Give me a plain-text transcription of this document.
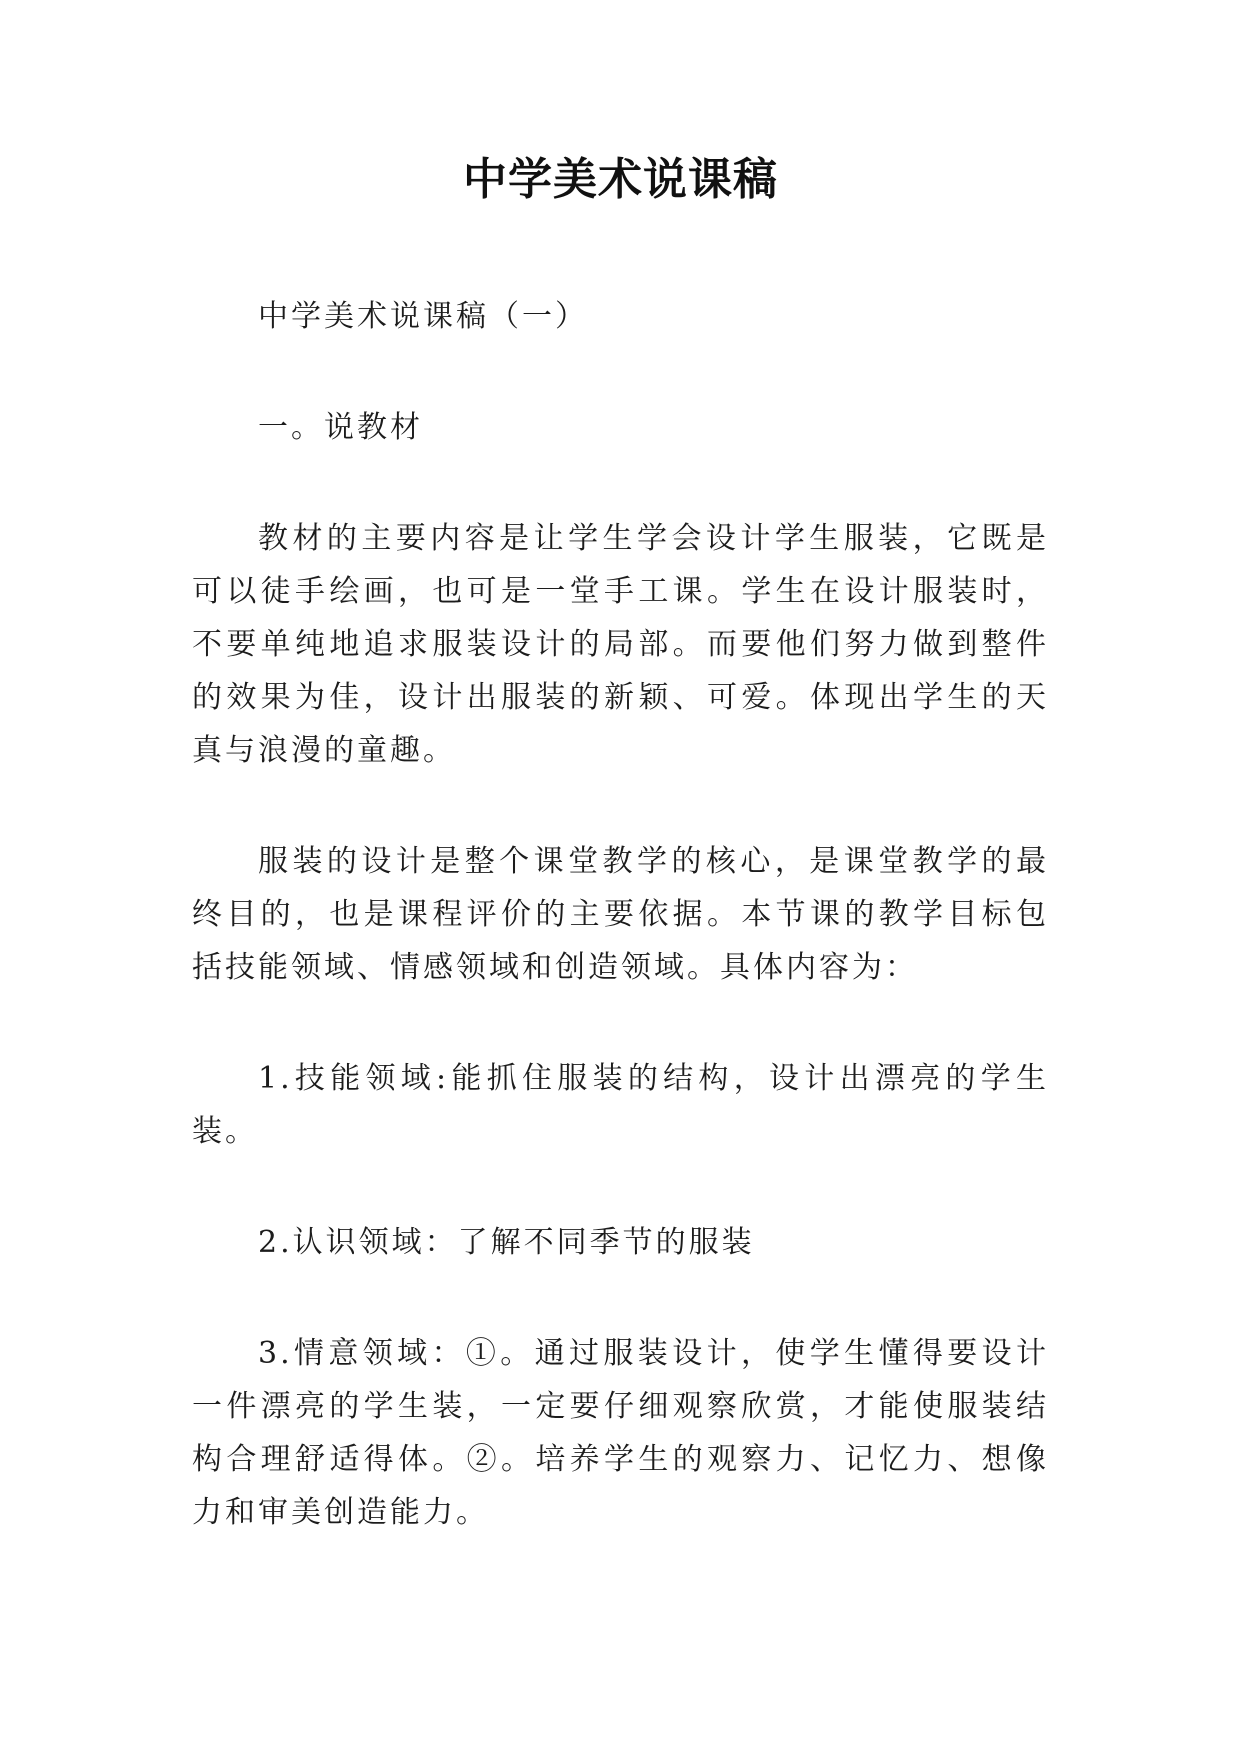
中学美术说课稿

中学美术说课稿（一）

一。说教材

教材的主要内容是让学生学会设计学生服装，它既是可以徒手绘画，也可是一堂手工课。学生在设计服装时，不要单纯地追求服装设计的局部。而要他们努力做到整件的效果为佳，设计出服装的新颖、可爱。体现出学生的天真与浪漫的童趣。

服装的设计是整个课堂教学的核心，是课堂教学的最终目的，也是课程评价的主要依据。本节课的教学目标包括技能领域、情感领域和创造领域。具体内容为：

1.技能领域:能抓住服装的结构，设计出漂亮的学生装。

2.认识领域：了解不同季节的服装

3.情意领域：①。通过服装设计，使学生懂得要设计一件漂亮的学生装，一定要仔细观察欣赏，才能使服装结构合理舒适得体。②。培养学生的观察力、记忆力、想像力和审美创造能力。
